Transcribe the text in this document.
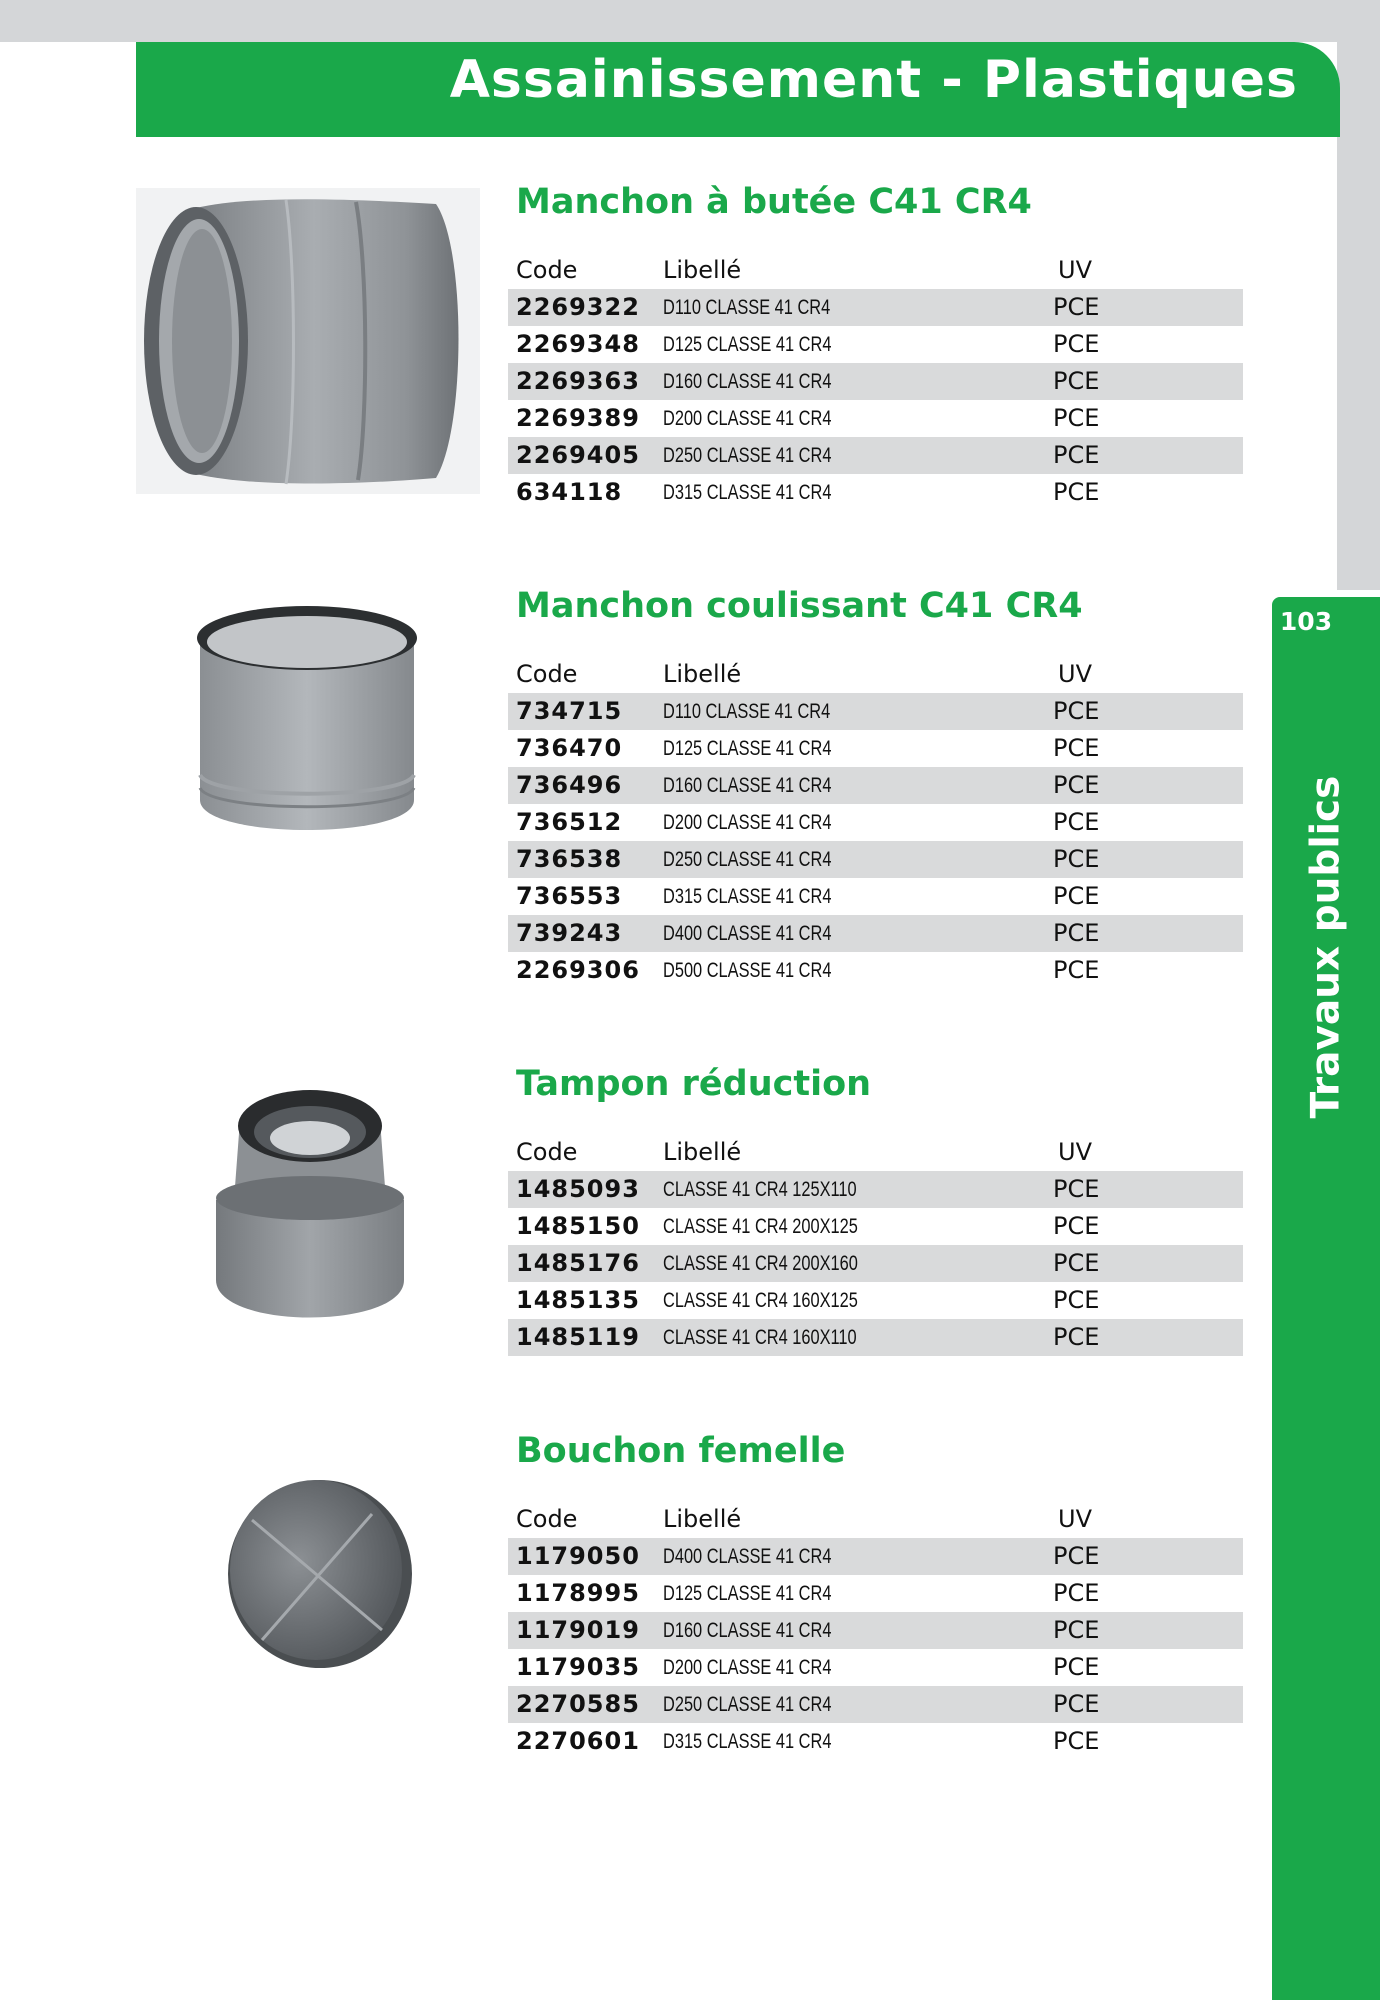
Assainissement - Plastiques
103
Travaux publics
Manchon à butée C41 CR4
Code	Libellé	UV
2269322 D110 CLASSE 41 CR4	PCE
2269348 D125 CLASSE 41 CR4	PCE
2269363 D160 CLASSE 41 CR4	PCE
2269389 D200 CLASSE 41 CR4	PCE
2269405 D250 CLASSE 41 CR4	PCE
634118 D315 CLASSE 41 CR4	PCE
Manchon coulissant C41 CR4
Code	Libellé	UV
734715 D110 CLASSE 41 CR4	PCE
736470 D125 CLASSE 41 CR4	PCE
736496 D160 CLASSE 41 CR4	PCE
736512 D200 CLASSE 41 CR4	PCE
736538 D250 CLASSE 41 CR4	PCE
736553 D315 CLASSE 41 CR4	PCE
739243 D400 CLASSE 41 CR4	PCE
2269306 D500 CLASSE 41 CR4	PCE
Tampon réduction
Code	Libellé	UV
1485093 CLASSE 41 CR4 125X110	PCE
1485150 CLASSE 41 CR4 200X125	PCE
1485176 CLASSE 41 CR4 200X160	PCE
1485135 CLASSE 41 CR4 160X125	PCE
1485119 CLASSE 41 CR4 160X110	PCE
Bouchon femelle
Code	Libellé	UV
1179050 D400 CLASSE 41 CR4	PCE
1178995 D125 CLASSE 41 CR4	PCE
1179019 D160 CLASSE 41 CR4	PCE
1179035 D200 CLASSE 41 CR4	PCE
2270585 D250 CLASSE 41 CR4	PCE
2270601 D315 CLASSE 41 CR4	PCE
